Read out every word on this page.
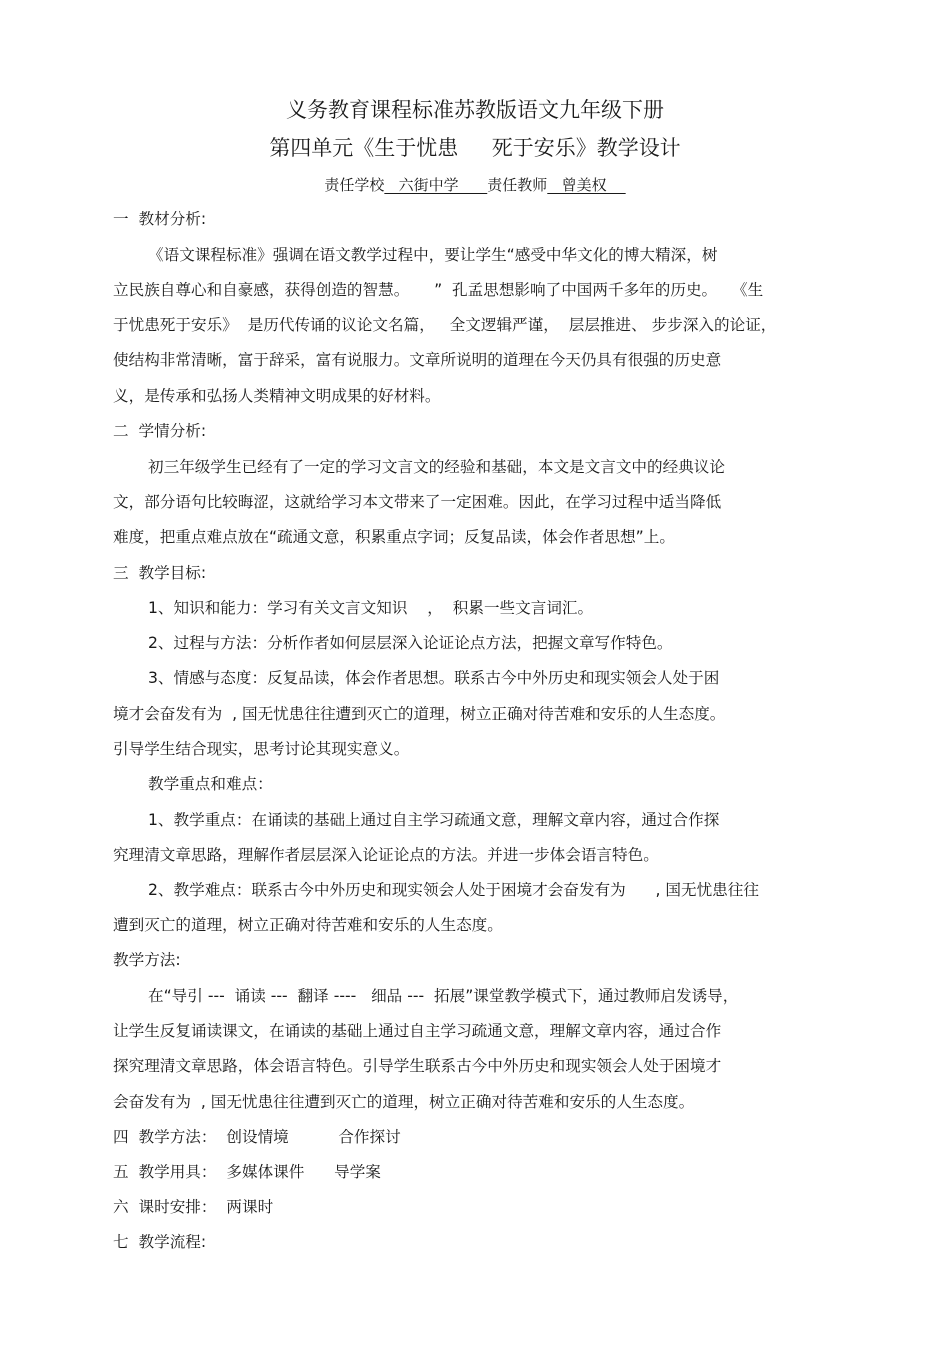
义务教育课程标准苏教版语文九年级下册
第四单元《生于忧患     死于安乐》教学设计
责任学校   六街中学      责任教师   曾美权
一  教材分析:
《语文课程标准》强调在语文教学过程中，要让学生“感受中华文化的博大精深，树
立民族自尊心和自豪感，获得创造的智慧。     ”  孔孟思想影响了中国两千多年的历史。   《生
于忧患死于安乐》  是历代传诵的议论文名篇，   全文逻辑严谨，  层层推进、 步步深入的论证，
使结构非常清晰，富于辞采，富有说服力。文章所说明的道理在今天仍具有很强的历史意
义，是传承和弘扬人类精神文明成果的好材料。
二  学情分析:
初三年级学生已经有了一定的学习文言文的经验和基础，本文是文言文中的经典议论
文，部分语句比较晦涩，这就给学习本文带来了一定困难。因此，在学习过程中适当降低
难度，把重点难点放在“疏通文意，积累重点字词；反复品读，体会作者思想”上。
三  教学目标:
1、知识和能力：学习有关文言文知识    ，  积累一些文言词汇。
2、过程与方法：分析作者如何层层深入论证论点方法，把握文章写作特色。
3、情感与态度：反复品读，体会作者思想。联系古今中外历史和现实领会人处于困
境才会奋发有为  , 国无忧患往往遭到灭亡的道理，树立正确对待苦难和安乐的人生态度。
引导学生结合现实，思考讨论其现实意义。
教学重点和难点：
1、教学重点：在诵读的基础上通过自主学习疏通文意，理解文章内容，通过合作探
究理清文章思路，理解作者层层深入论证论点的方法。并进一步体会语言特色。
2、教学难点：联系古今中外历史和现实领会人处于困境才会奋发有为      , 国无忧患往往
遭到灭亡的道理，树立正确对待苦难和安乐的人生态度。
教学方法:
在“导引 ---  诵读 ---  翻译 ----   细品 ---  拓展”课堂教学模式下，通过教师启发诱导，
让学生反复诵读课文，在诵读的基础上通过自主学习疏通文意，理解文章内容，通过合作
探究理清文章思路，体会语言特色。引导学生联系古今中外历史和现实领会人处于困境才
会奋发有为  , 国无忧患往往遭到灭亡的道理，树立正确对待苦难和安乐的人生态度。
四  教学方法：  创设情境          合作探讨
五  教学用具：  多媒体课件      导学案
六  课时安排：  两课时
七  教学流程:
